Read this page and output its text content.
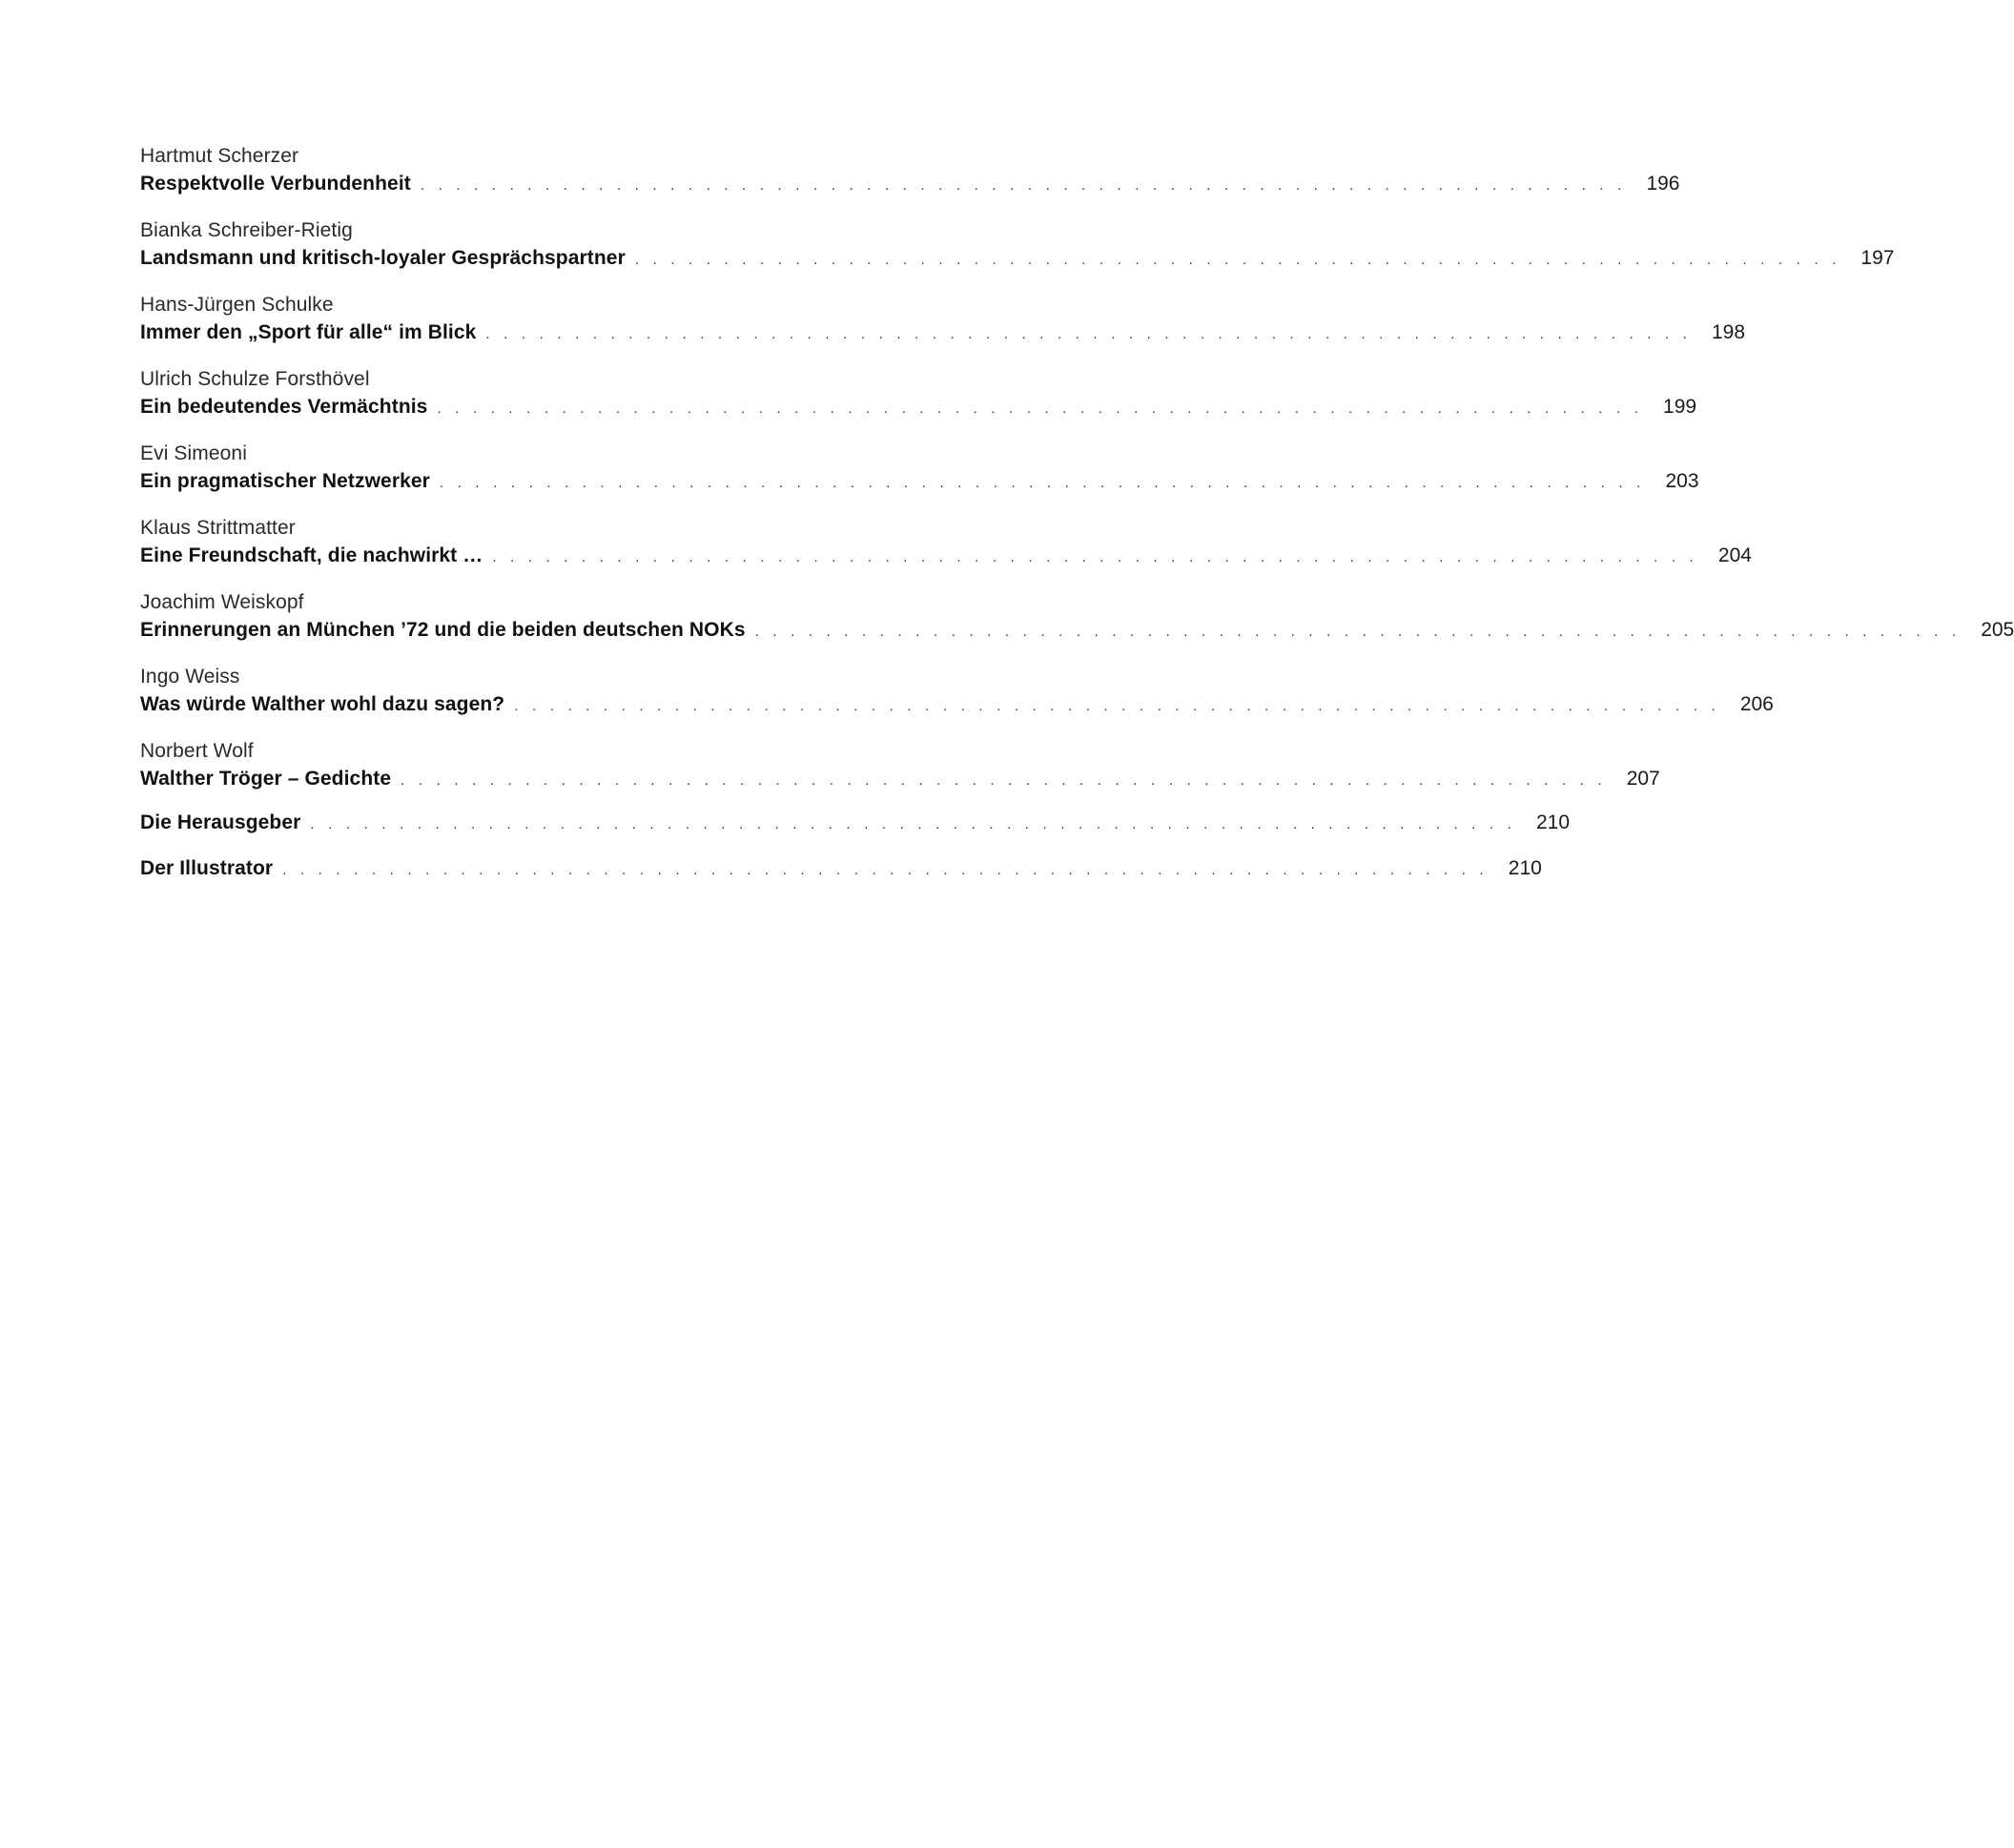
Hartmut Scherzer
Respektvolle Verbundenheit . . . . . . . . . . . . . . . . . . . . . . . . . . . . . . . . . . . . . . . . . . . . . . . . . . . . . . . . . . . . . . . . . . . . 196
Bianka Schreiber-Rietig
Landsmann und kritisch-loyaler Gesprächspartner . . . . . . . . . . . . . . . . . . . . . . . . . . . . . . . . . . . . . . . . . . . . . . . . . . . . . . . . . . . . . . . . . . . . 197
Hans-Jürgen Schulke
Immer den „Sport für alle“ im Blick . . . . . . . . . . . . . . . . . . . . . . . . . . . . . . . . . . . . . . . . . . . . . . . . . . . . . . . . . . . . . . . . . . . . 198
Ulrich Schulze Forsthövel
Ein bedeutendes Vermächtnis . . . . . . . . . . . . . . . . . . . . . . . . . . . . . . . . . . . . . . . . . . . . . . . . . . . . . . . . . . . . . . . . . . . . 199
Evi Simeoni
Ein pragmatischer Netzwerker . . . . . . . . . . . . . . . . . . . . . . . . . . . . . . . . . . . . . . . . . . . . . . . . . . . . . . . . . . . . . . . . . . . . 203
Klaus Strittmatter
Eine Freundschaft, die nachwirkt … . . . . . . . . . . . . . . . . . . . . . . . . . . . . . . . . . . . . . . . . . . . . . . . . . . . . . . . . . . . . . . . . . . . . 204
Joachim Weiskopf
Erinnerungen an München ’72 und die beiden deutschen NOKs . . . . . . . . . . . . . . . . . . . . . . . . . . . . . . . . . . . . . . . . . . . . . . . . . . . . . . . . . . . . . . . . . . . . 205
Ingo Weiss
Was würde Walther wohl dazu sagen? . . . . . . . . . . . . . . . . . . . . . . . . . . . . . . . . . . . . . . . . . . . . . . . . . . . . . . . . . . . . . . . . . . . . 206
Norbert Wolf
Walther Tröger – Gedichte . . . . . . . . . . . . . . . . . . . . . . . . . . . . . . . . . . . . . . . . . . . . . . . . . . . . . . . . . . . . . . . . . . . . 207
Die Herausgeber . . . . . . . . . . . . . . . . . . . . . . . . . . . . . . . . . . . . . . . . . . . . . . . . . . . . . . . . . . . . . . . . . . . . 210
Der Illustrator . . . . . . . . . . . . . . . . . . . . . . . . . . . . . . . . . . . . . . . . . . . . . . . . . . . . . . . . . . . . . . . . . . . . 210
